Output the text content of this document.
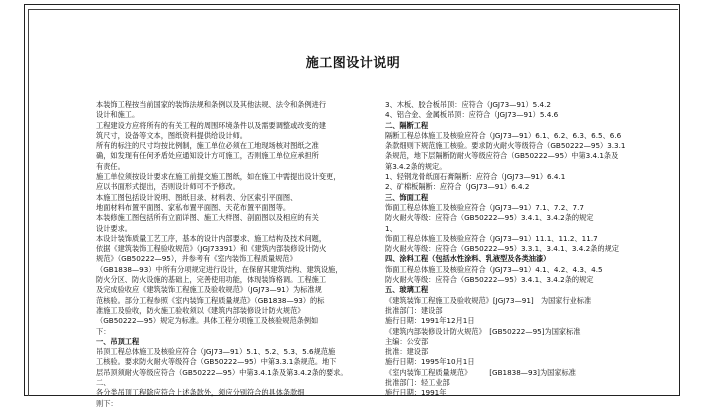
施工图设计说明

本装饰工程按当前国家的装饰法规和条例以及其他法规、法令和条例进行

设计和施工。

工程建设方应将所有的有关工程的周围环境条件以及需要调整或改变的建

筑尺寸，设备等文本，图纸资料提供给设计师。

所有的标注的尺寸均按比例制，施工单位必须在工地现场核对图纸之准

确，如发现有任何矛盾处应通知设计方可施工，否则施工单位应承担所

有责任。

施工单位须按设计要求在施工前提交施工图纸，如在施工中需提出设计变更，

应以书面形式提出，否则设计师可不予修改。

本施工图包括设计说明、图纸目录、材料表、分区索引平面图、

地面材料布置平面图、家私布置平面图、天花布置平面图等。

本装修施工图包括所有立面详图、施工大样图、剖面图以及相应的有关

设计要求。

本设计装饰质量工艺工序，基本的设计内部要求、施工结构及技术问题，

依据《建筑装饰工程验收规范》（JGJ73391）和《建筑内部装修设计防火

规范》（GB50222—95），并参考有《室内装饰工程质量规范》

（GB1838—93）中所有分项规定进行设计，在保留其建筑结构、建筑设施，

防火分区、防火设施的基础上，完善使用功能，体现装饰格调。工程施工

及完成验收应《建筑装饰工程施工及验收规范》（JGJ73—91）为标准规

范核验。部分工程参照《室内装饰工程质量规范》（GB1838—93）的标

准施工及验收，防火施工验收须以《建筑内部装修设计防火规范》

（GB50222—95）规定为标准。具体工程分项施工及核验规范条例如

下：

一、吊顶工程

吊顶工程总体施工及核验应符合（JGJ73—91）5.1、5.2、5.3、5.6规范施

工核验。要求防火耐火等级符合（GB50222—95）中第3.3.1条规范。地下

层吊顶须耐火等级应符合（GB50222—95）中第3.4.1条及第3.4.2条的要求。

二、

各分类吊顶工程除应符合上述条款外，须应分别符合的具体条款细

则下：

3、木板、胶合板吊顶：应符合（JGJ73—91）5.4.2

4、铝合金、金属板吊顶：应符合（JGJ73—91）5.4.6

二、隔断工程

隔断工程总体施工及核验应符合（JGJ73—91）6.1、6.2、6.3、6.5、6.6

条款细则下规范施工核验。要求防火耐火等级符合（GB50222—95）3.3.1

条规范，地下层隔断防耐火等级应符合（GB50222—95）中第3.4.1条及

第3.4.2条的规定。

1、轻钢龙骨纸面石膏隔断：应符合（JGJ73—91）6.4.1

2、矿棉板隔断：应符合（JGJ73—91）6.4.2

三、饰面工程

饰面工程总体施工及核验应符合（JGJ73—91）7.1、7.2、7.7

防火耐火等级：应符合（GB50222—95）3.4.1、3.4.2条的规定

1、

饰面工程总体施工及核验应符合（JGJ73—91）11.1、11.2、11.7

防火耐火等级：应符合（GB50222—95）3.3.1、3.4.1、3.4.2条的规定

四、涂料工程（包括水性涂料、乳液型及各类油漆）

饰面工程总体施工及核验应符合（JGJ73—91）4.1、4.2、4.3、4.5

防火耐火等级：应符合（GB50222—95）3.4.1、3.4.2条的规定

五、玻璃工程

《建筑装饰工程施工及验收规范》[JGJ73—91]　为国家行业标准

批准部门：建设部

施行日期：1991年12月1日

《建筑内部装修设计防火规范》　[GB50222—95]为国家标准

主编：公安部

批准：建设部

施行日期：1995年10月1日

《室内装饰工程质量规范》　　　[GB1838—93]为国家标准

批准部门：轻工业部

施行日期：1991年
